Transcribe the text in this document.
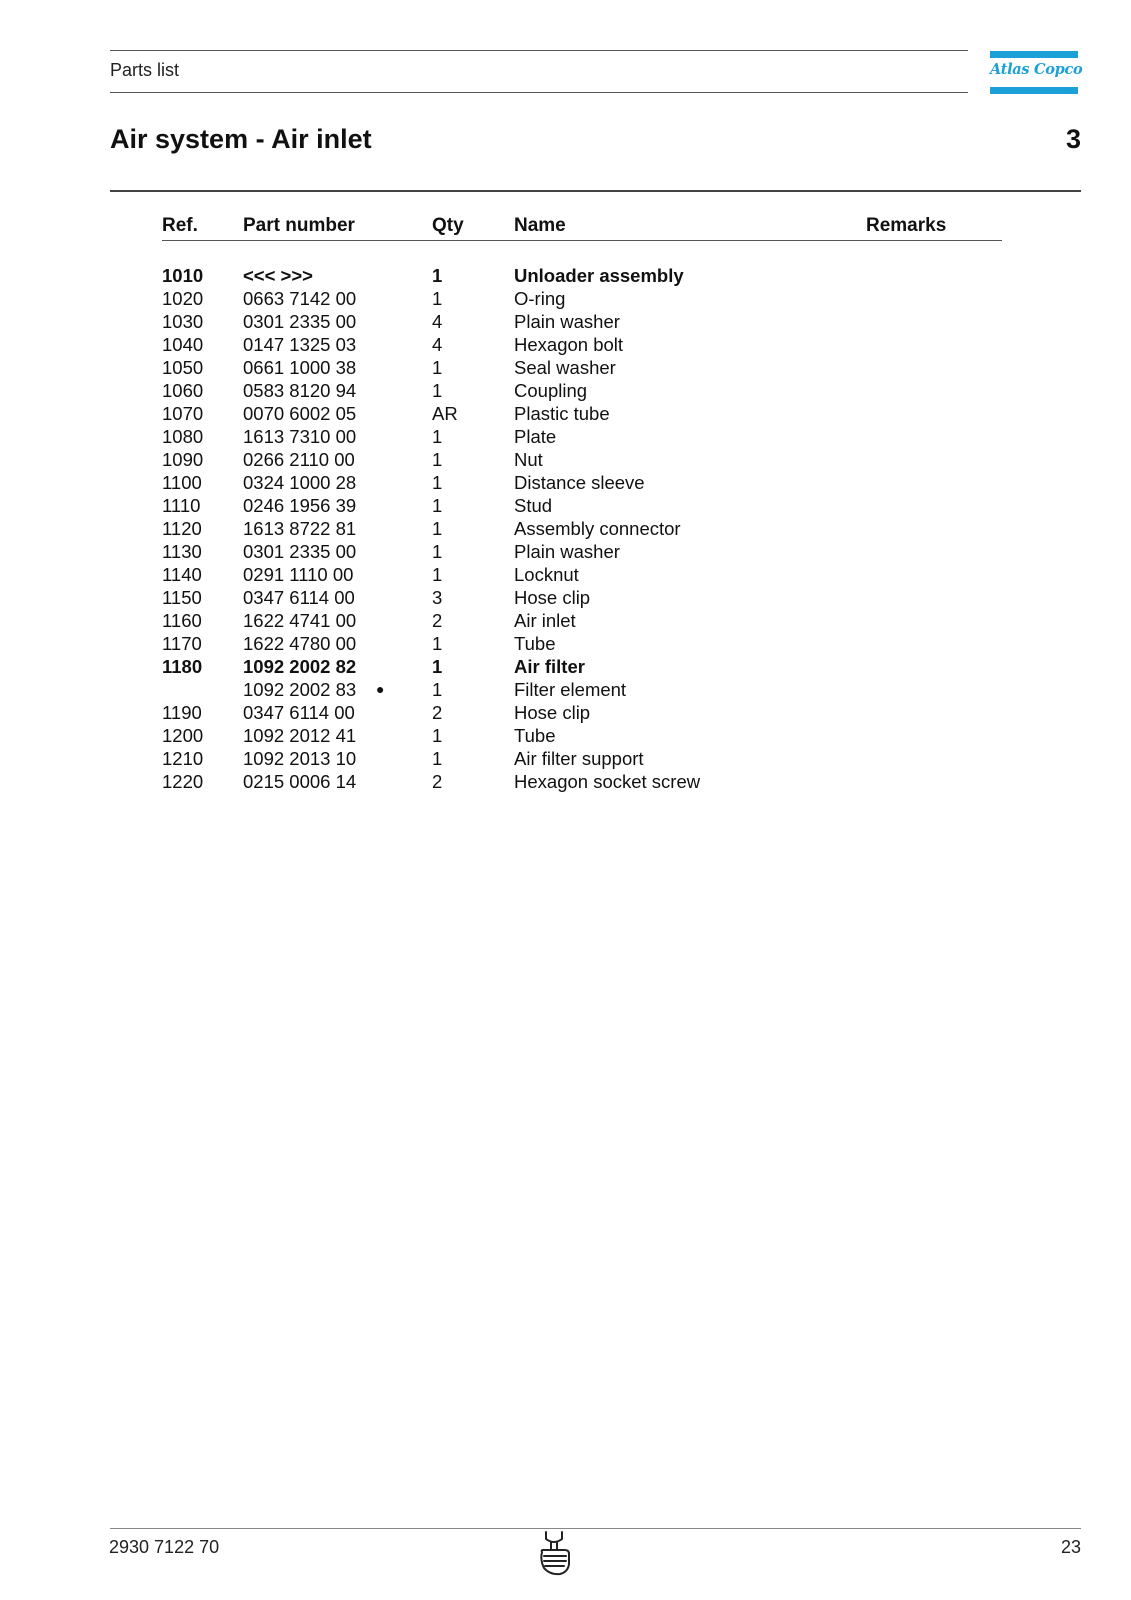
Parts list	Atlas Copco
Air system - Air inlet	3
Ref. Part number	Qty	Name	Remarks
1010 <<< >>>	1	Unloader assembly
1020 0663 7142 00	1	O-ring
1030 0301 2335 00	4	Plain washer
1040 0147 1325 03	4	Hexagon bolt
1050 0661 1000 38	1	Seal washer
1060 0583 8120 94	1	Coupling
1070 0070 6002 05	AR	Plastic tube
1080 1613 7310 00	1	Plate
1090 0266 2110 00	1	Nut
1100 0324 1000 28	1	Distance sleeve
1110 0246 1956 39	1	Stud
1120 1613 8722 81	1	Assembly connector
1130 0301 2335 00	1	Plain washer
1140 0291 1110 00	1	Locknut
1150 0347 6114 00	3	Hose clip
1160 1622 4741 00	2	Air inlet
1170 1622 4780 00	1	Tube
1180 1092 2002 82	1	Air filter
1092 2002 83 ●	1	Filter element
1190 0347 6114 00	2	Hose clip
1200 1092 2012 41	1	Tube
1210 1092 2013 10	1	Air filter support
1220 0215 0006 14	2	Hexagon socket screw
2930 7122 70	23
